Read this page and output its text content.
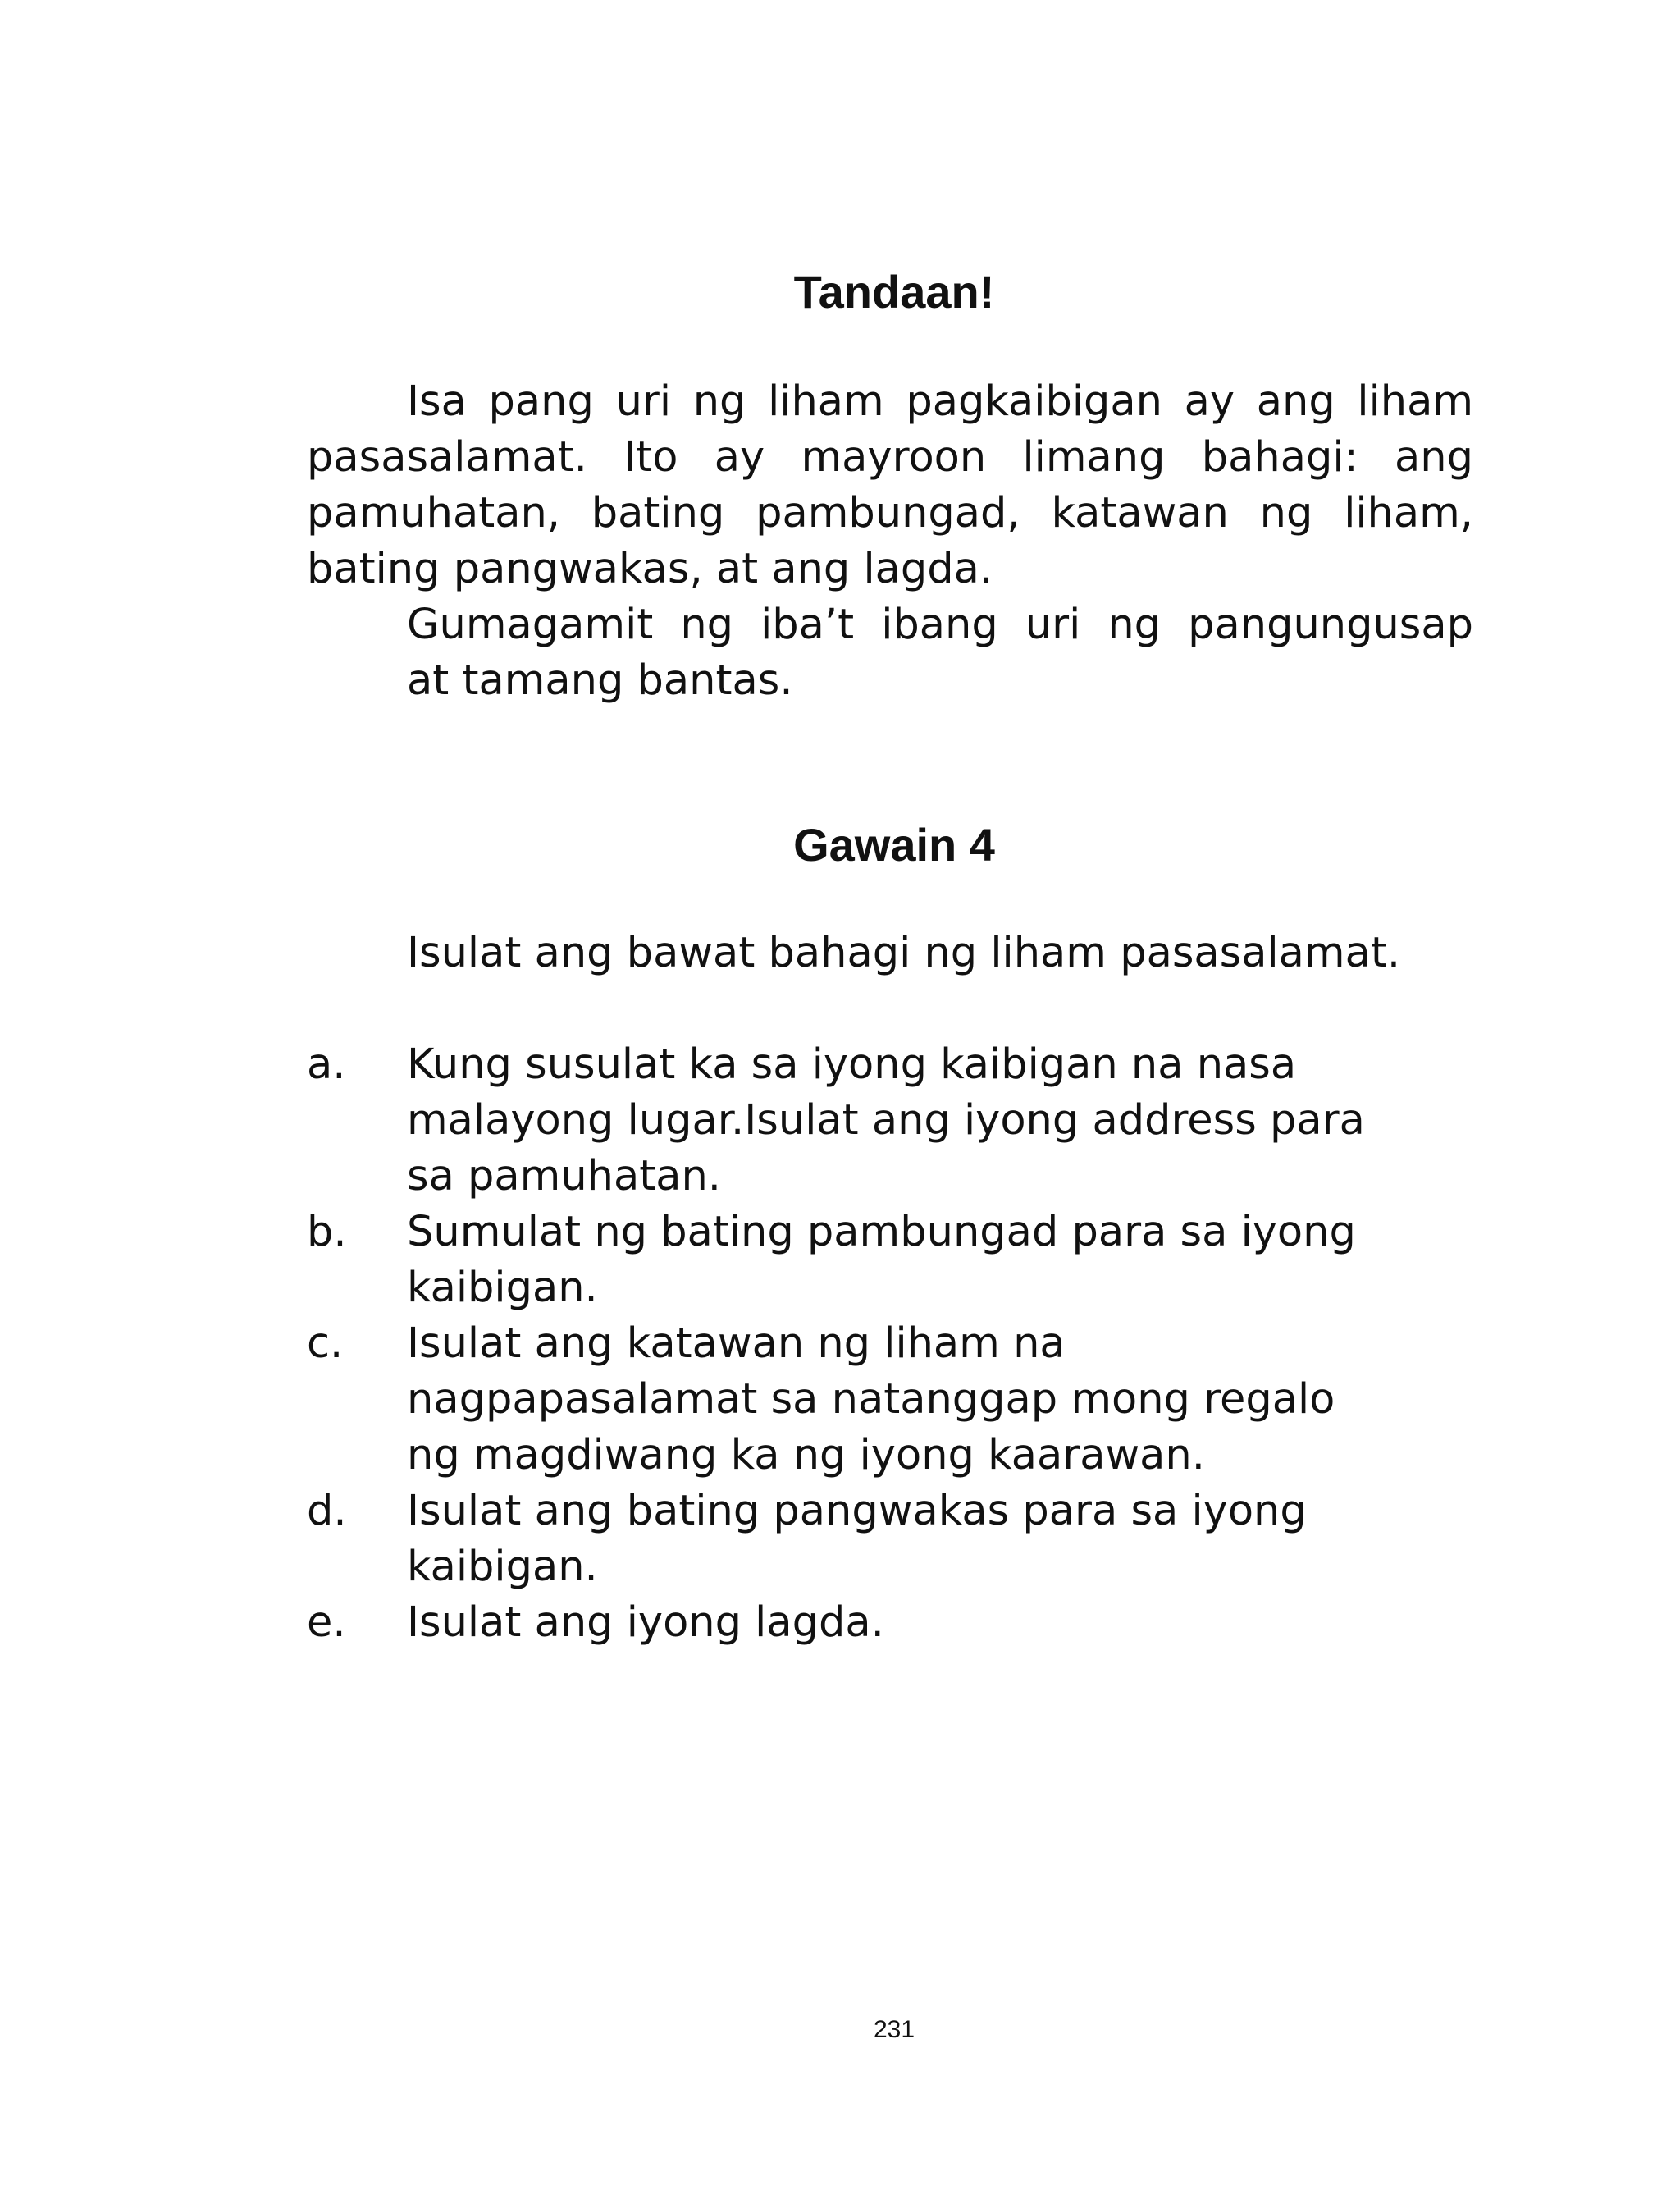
Tandaan!
Isa pang uri ng liham pagkaibigan ay ang liham
pasasalamat. Ito ay mayroon limang bahagi: ang
pamuhatan, bating pambungad, katawan ng liham,
bating pangwakas, at ang lagda.
Gumagamit ng iba’t ibang uri ng pangungusap
at tamang bantas.
Gawain 4

Isulat ang bawat bahagi ng liham pasasalamat.

a. Kung susulat ka sa iyong kaibigan na nasa
malayong lugar.Isulat ang iyong address para
sa pamuhatan.
b. Sumulat ng bating pambungad para sa iyong
kaibigan.
c. Isulat ang katawan ng liham na
nagpapasalamat sa natanggap mong regalo
ng magdiwang ka ng iyong kaarawan.
d. Isulat ang bating pangwakas para sa iyong
kaibigan.
e. Isulat ang iyong lagda.
231
